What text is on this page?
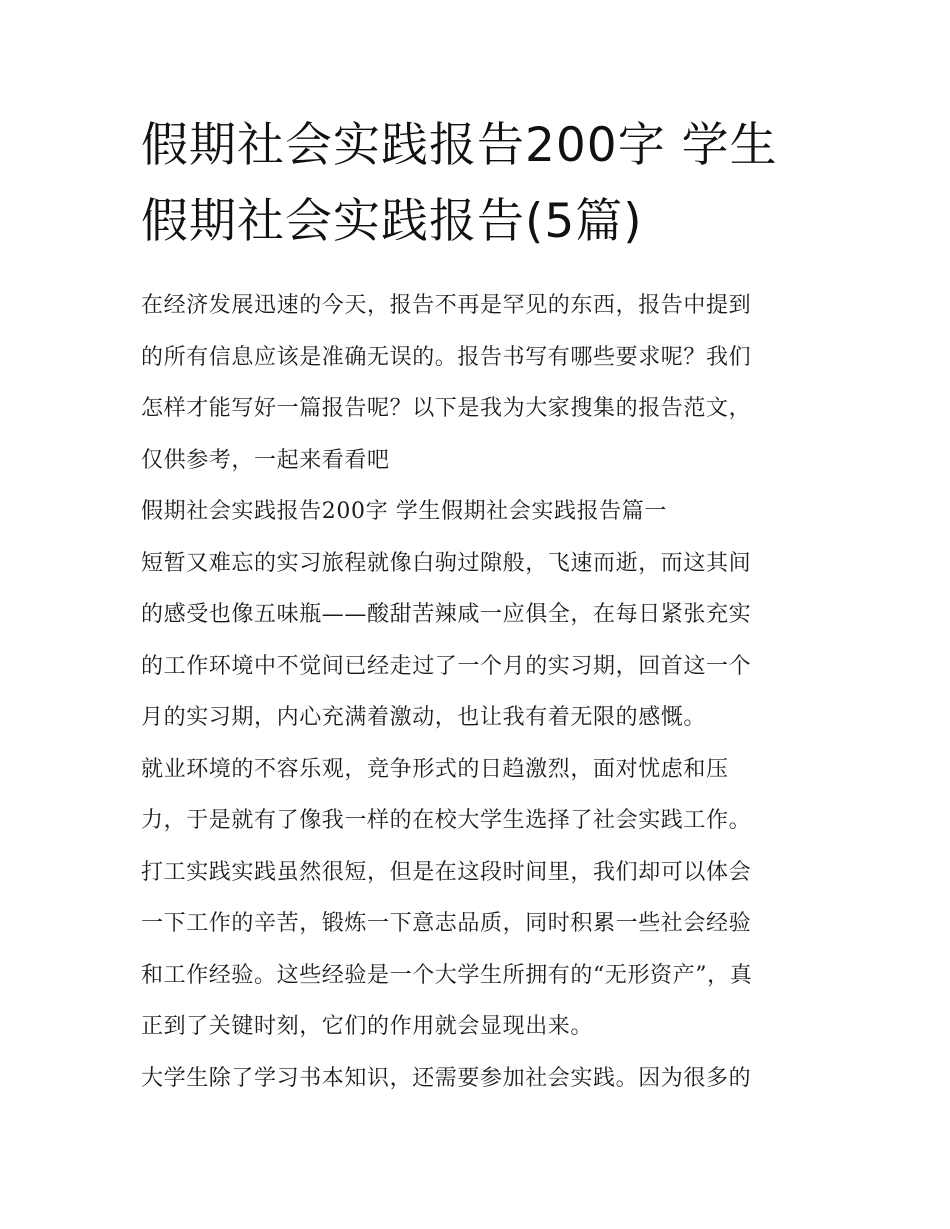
假期社会实践报告200字 学生
假期社会实践报告(5篇)
在经济发展迅速的今天，报告不再是罕见的东西，报告中提到
的所有信息应该是准确无误的。报告书写有哪些要求呢？我们
怎样才能写好一篇报告呢？以下是我为大家搜集的报告范文，
仅供参考，一起来看看吧
假期社会实践报告200字 学生假期社会实践报告篇一
短暂又难忘的实习旅程就像白驹过隙般，飞速而逝，而这其间
的感受也像五味瓶——酸甜苦辣咸一应俱全，在每日紧张充实
的工作环境中不觉间已经走过了一个月的实习期，回首这一个
月的实习期，内心充满着激动，也让我有着无限的感慨。
就业环境的不容乐观，竞争形式的日趋激烈，面对忧虑和压
力，于是就有了像我一样的在校大学生选择了社会实践工作。
打工实践实践虽然很短，但是在这段时间里，我们却可以体会
一下工作的辛苦，锻炼一下意志品质，同时积累一些社会经验
和工作经验。这些经验是一个大学生所拥有的“无形资产”，真
正到了关键时刻，它们的作用就会显现出来。
大学生除了学习书本知识，还需要参加社会实践。因为很多的
